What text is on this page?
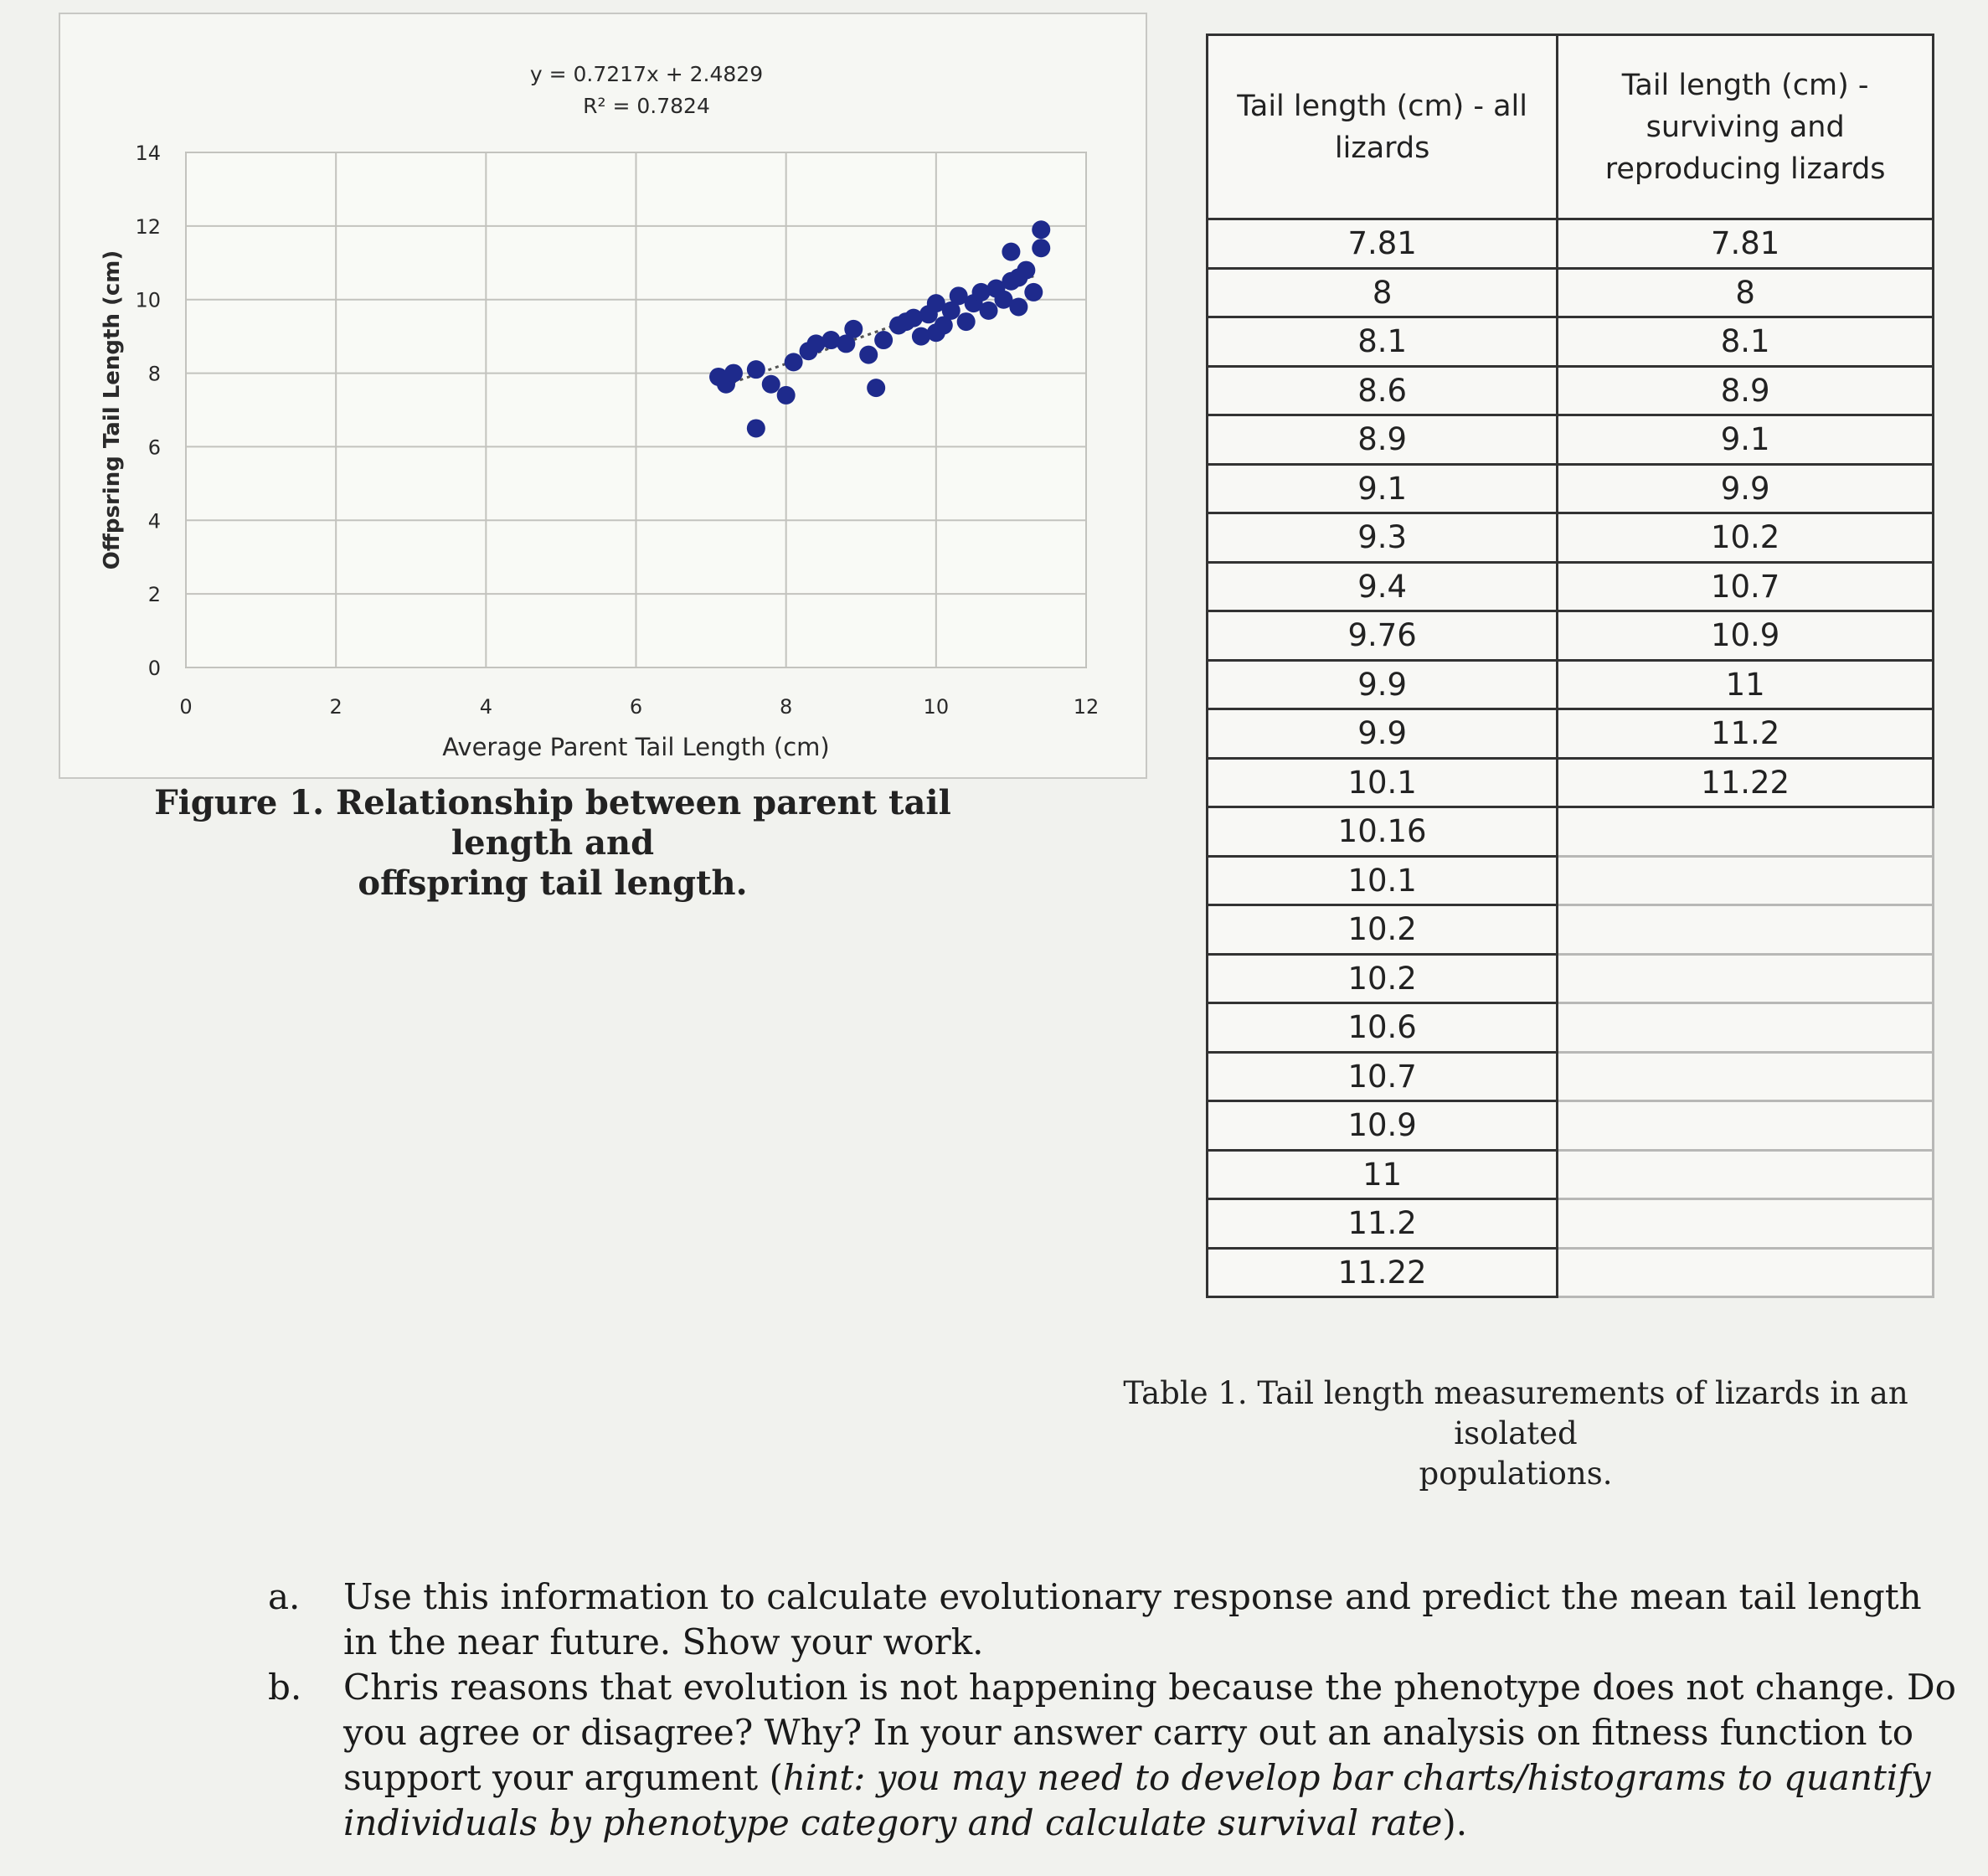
0	2	4	6	8	10	12
0
2
4
6
8
10
12
14
Average Parent Tail Length (cm)
Offpsring Tail Length (cm)
y = 0.7217x + 2.4829
R² = 0.7824
Figure 1. Relationship between parent tail length and
offspring tail length.
Tail length (cm) - all lizards	Tail length (cm) - surviving and reproducing lizards
7.81	7.81
8	8
8.1	8.1
8.6	8.9
8.9	9.1
9.1	9.9
9.3	10.2
9.4	10.7
9.76	10.9
9.9	11
9.9	11.2
10.1	11.22
10.16	
10.1	
10.2	
10.2	
10.6	
10.7	
10.9	
11	
11.2	
11.22	
Table 1. Tail length measurements of lizards in an isolated
populations.
a. Use this information to calculate evolutionary response and predict the mean tail length in the near future. Show your work.
b. Chris reasons that evolution is not happening because the phenotype does not change. Do you agree or disagree? Why? In your answer carry out an analysis on fitness function to support your argument (hint: you may need to develop bar charts/histograms to quantify individuals by phenotype category and calculate survival rate).
